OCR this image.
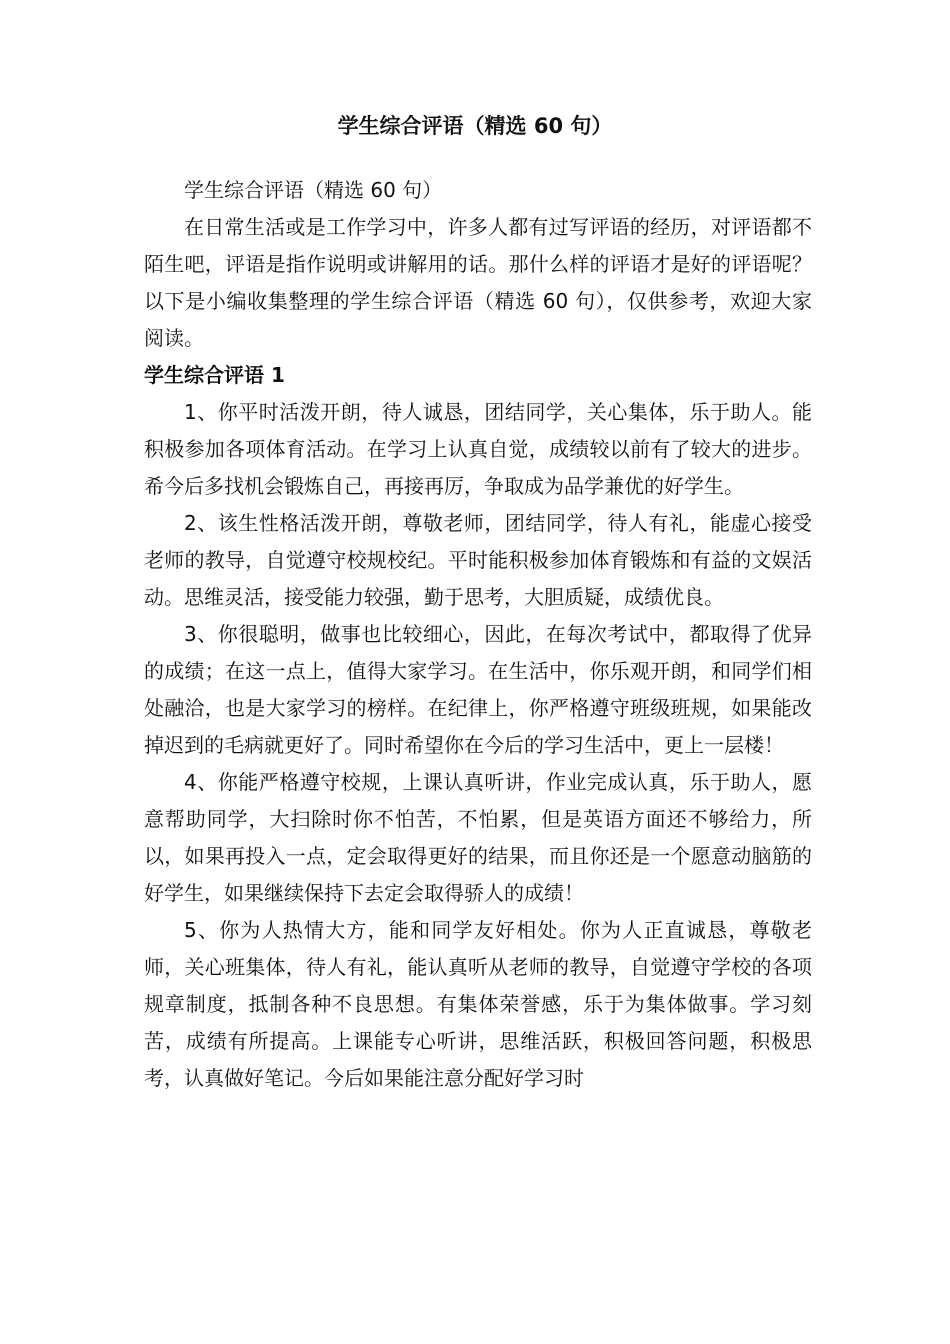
学生综合评语（精选 60 句）

学生综合评语（精选 60 句）

在日常生活或是工作学习中，许多人都有过写评语的经历，对评语都不陌生吧，评语是指作说明或讲解用的话。那什么样的评语才是好的评语呢？以下是小编收集整理的学生综合评语（精选 60 句），仅供参考，欢迎大家阅读。

学生综合评语 1

1、你平时活泼开朗，待人诚恳，团结同学，关心集体，乐于助人。能积极参加各项体育活动。在学习上认真自觉，成绩较以前有了较大的进步。希今后多找机会锻炼自己，再接再厉，争取成为品学兼优的好学生。

2、该生性格活泼开朗，尊敬老师，团结同学，待人有礼，能虚心接受老师的教导，自觉遵守校规校纪。平时能积极参加体育锻炼和有益的文娱活动。思维灵活，接受能力较强，勤于思考，大胆质疑，成绩优良。

3、你很聪明，做事也比较细心，因此，在每次考试中，都取得了优异的成绩；在这一点上，值得大家学习。在生活中，你乐观开朗，和同学们相处融洽，也是大家学习的榜样。在纪律上，你严格遵守班级班规，如果能改掉迟到的毛病就更好了。同时希望你在今后的学习生活中，更上一层楼！

4、你能严格遵守校规，上课认真听讲，作业完成认真，乐于助人，愿意帮助同学，大扫除时你不怕苦，不怕累，但是英语方面还不够给力，所以，如果再投入一点，定会取得更好的结果，而且你还是一个愿意动脑筋的好学生，如果继续保持下去定会取得骄人的成绩！

5、你为人热情大方，能和同学友好相处。你为人正直诚恳，尊敬老师，关心班集体，待人有礼，能认真听从老师的教导，自觉遵守学校的各项规章制度，抵制各种不良思想。有集体荣誉感，乐于为集体做事。学习刻苦，成绩有所提高。上课能专心听讲，思维活跃，积极回答问题，积极思考，认真做好笔记。今后如果能注意分配好学习时
